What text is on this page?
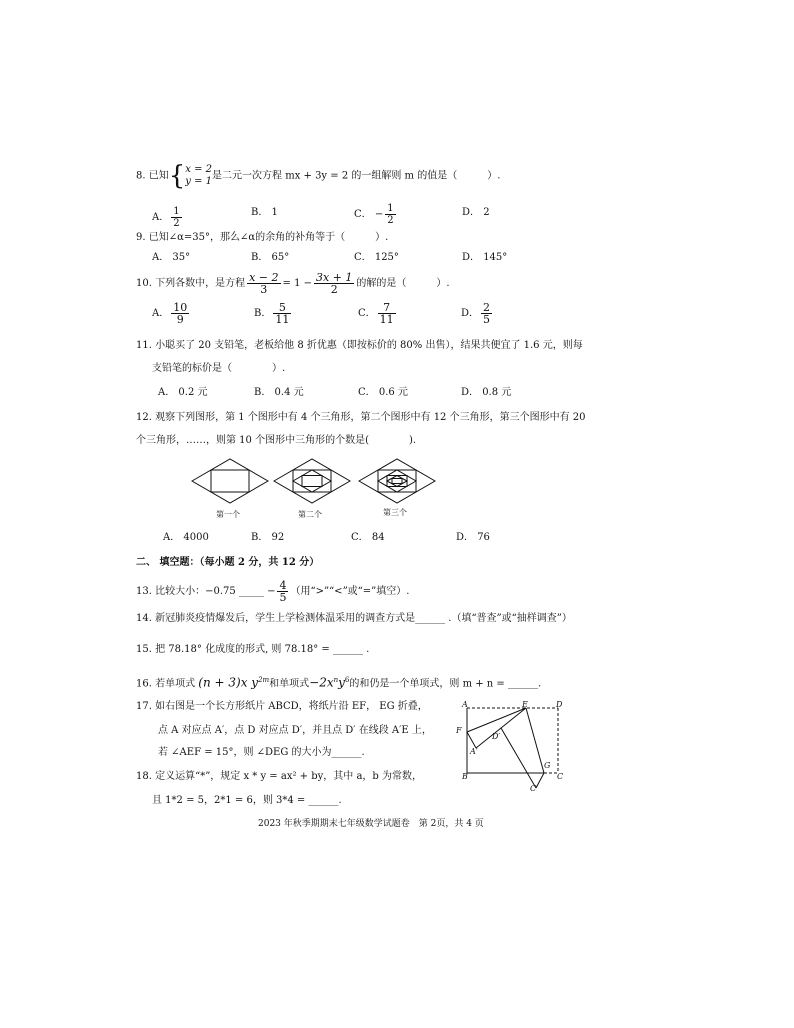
8. 已知{ x = 2
y = 1 是二元一次方程 mx + 3y = 2 的一组解则 m 的值是（　　　）.
A． $\frac{1}{2}$	B． 1	C． − $\frac{1}{2}$	D． 2
9. 已知∠α=35°，那么∠α的余角的补角等于（　　　）.
A． 35°	B． 65°	C． 125°	D． 145°
10. 下列各数中，是方程 $\frac{x - 2}{3} = 1 - \frac{3x + 1}{2}$ 的解的是（　　　）.
A． $\frac{10}{9}$	B． $\frac{5}{11}$	C． $\frac{7}{11}$	D． $\frac{2}{5}$
11. 小聪买了 20 支铅笔，老板给他 8 折优惠（即按标价的 80% 出售），结果共便宜了 1.6 元，则每
支铅笔的标价是（　　　　）.
A． 0.2 元	B． 0.4 元	C． 0.6 元	D． 0.8 元
12. 观察下列图形，第 1 个图形中有 4 个三角形，第二个图形中有 12 个三角形，第三个图形中有 20
个三角形，……，则第 10 个图形中三角形的个数是(　　　　).
第一个	第二个	第三个
A． 4000	B． 92	C． 84	D． 76
二、 填空题：（每小题 2 分，共 12 分）
13. 比较大小：−0.75 _____ − $\frac{4}{5}$ （用“>”“<”或“=”填空）.
14. 新冠肺炎疫情爆发后，学生上学检测体温采用的调查方式是______ .（填“普查”或“抽样调查”）
15. 把 78.18° 化成度的形式, 则 78.18° = ______ .
16. 若单项式 (n + 3)x $y^{2m}$和单项式$-2x^ny^6$的和仍是一个单项式，则 m + n = ______.
17. 如右图是一个长方形纸片 ABCD，将纸片沿 EF， EG 折叠，
点 A 对应点 A′，点 D 对应点 D′，并且点 D′ 在线段 A′E 上，
若 ∠AEF = 15°，则 ∠DEG 的大小为______.
A	E	D
F
D′
A′
B
G
C
C′
18. 定义运算“*”，规定 x * y = ax² + by，其中 a，b 为常数，
且 1*2 = 5，2*1 = 6，则 3*4 = ______.
2023 年秋季期期末七年级数学试题卷　第 2页，共 4 页
